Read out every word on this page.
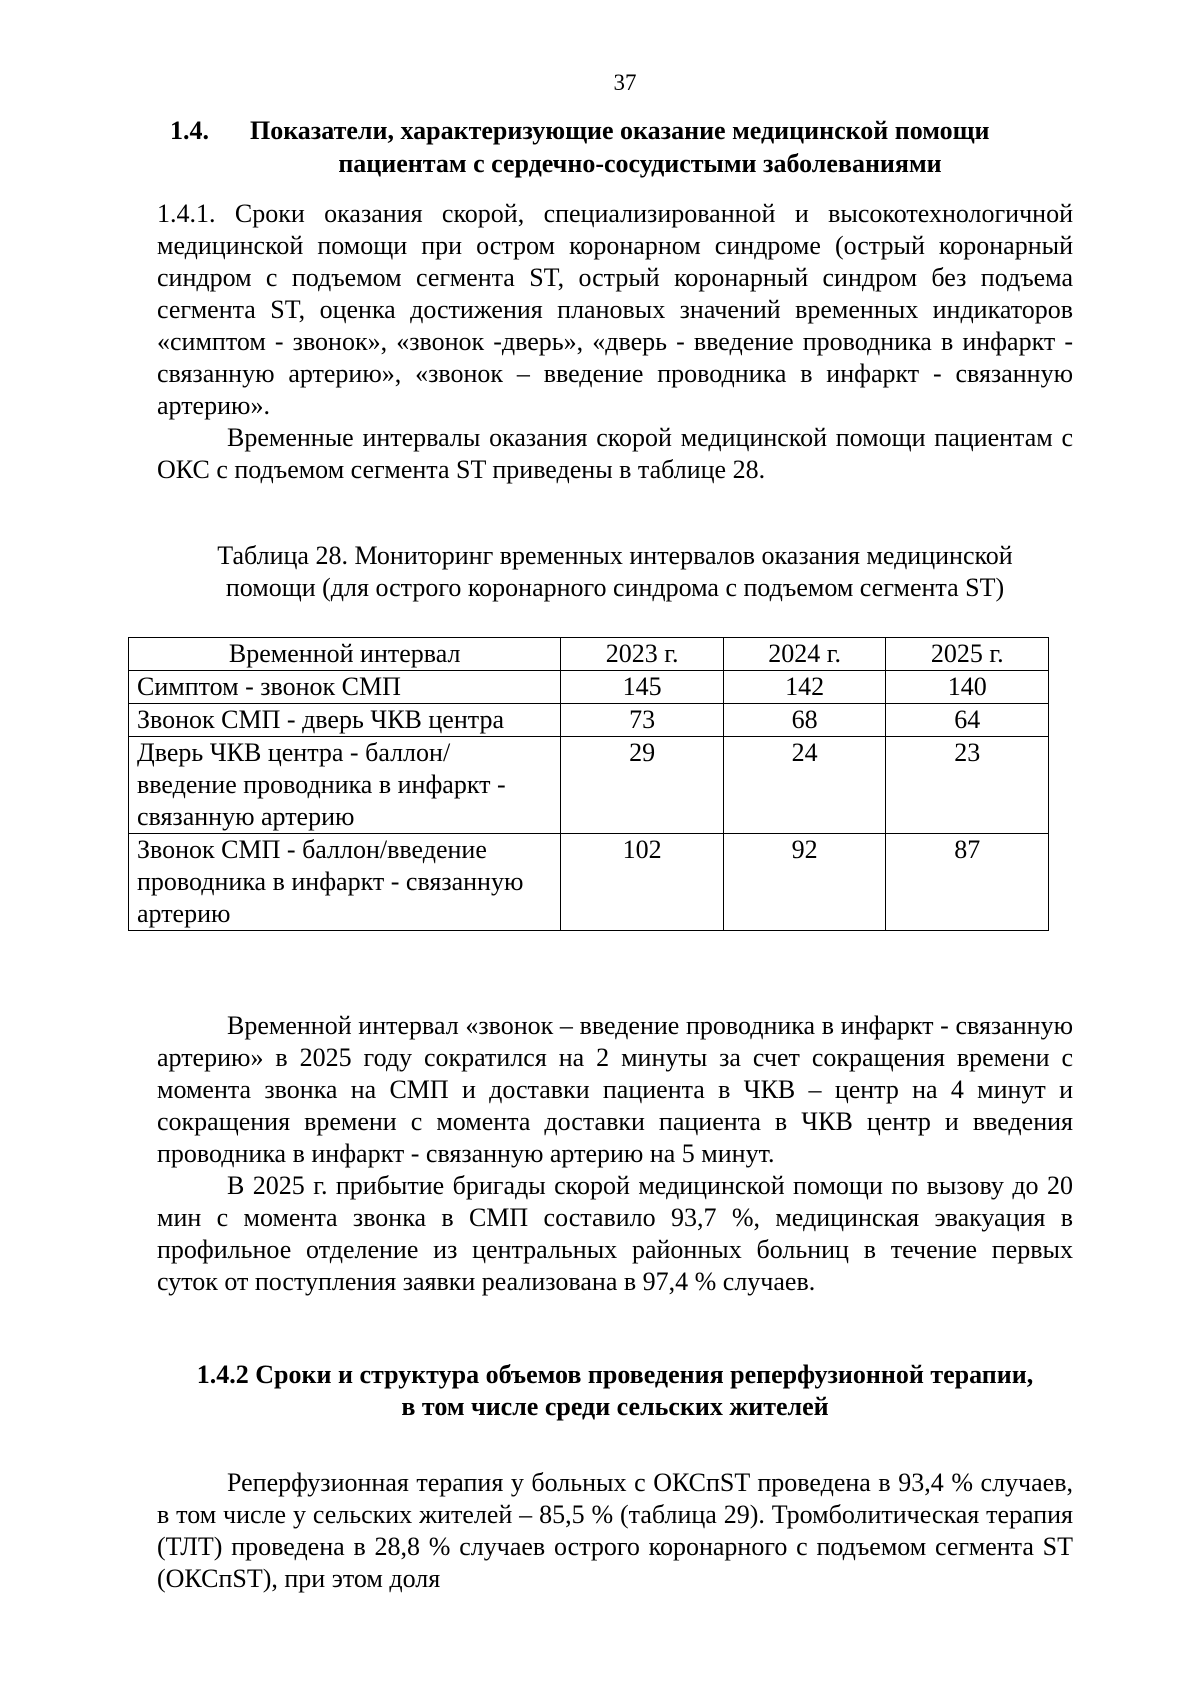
37
1.4. Показатели, характеризующие оказание медицинской помощи
пациентам с сердечно-сосудистыми заболеваниями

1.4.1. Сроки оказания скорой, специализированной и высокотехнологичной медицинской помощи при остром коронарном синдроме (острый коронарный синдром с подъемом сегмента ST, острый коронарный синдром без подъема сегмента ST, оценка достижения плановых значений временных индикаторов «симптом - звонок», «звонок -дверь», «дверь - введение проводника в инфаркт - связанную артерию», «звонок – введение проводника в инфаркт - связанную артерию».

Временные интервалы оказания скорой медицинской помощи пациентам с ОКС с подъемом сегмента ST приведены в таблице 28.

Таблица 28. Мониторинг временных интервалов оказания медицинской
помощи (для острого коронарного синдрома с подъемом сегмента ST)
Временной интервал	2023 г.	2024 г.	2025 г.
Симптом - звонок СМП	145	142	140
Звонок СМП - дверь ЧКВ центра	73	68	64
Дверь ЧКВ центра - баллон/ введение проводника в инфаркт - связанную артерию	29	24	23
Звонок СМП - баллон/введение проводника в инфаркт - связанную артерию	102	92	87

Временной интервал «звонок – введение проводника в инфаркт - связанную артерию» в 2025 году сократился на 2 минуты за счет сокращения времени с момента звонка на СМП и доставки пациента в ЧКВ – центр на 4 минут и сокращения времени с момента доставки пациента в ЧКВ центр и введения проводника в инфаркт - связанную артерию на 5 минут.

В 2025 г. прибытие бригады скорой медицинской помощи по вызову до 20 мин с момента звонка в СМП составило 93,7 %, медицинская эвакуация в профильное отделение из центральных районных больниц в течение первых суток от поступления заявки реализована в 97,4 % случаев.

1.4.2 Сроки и структура объемов проведения реперфузионной терапии,
в том числе среди сельских жителей

Реперфузионная терапия у больных с ОКСпST проведена в 93,4 % случаев, в том числе у сельских жителей – 85,5 % (таблица 29). Тромболитическая терапия (ТЛТ) проведена в 28,8 % случаев острого коронарного с подъемом сегмента ST (ОКСпST), при этом доля
